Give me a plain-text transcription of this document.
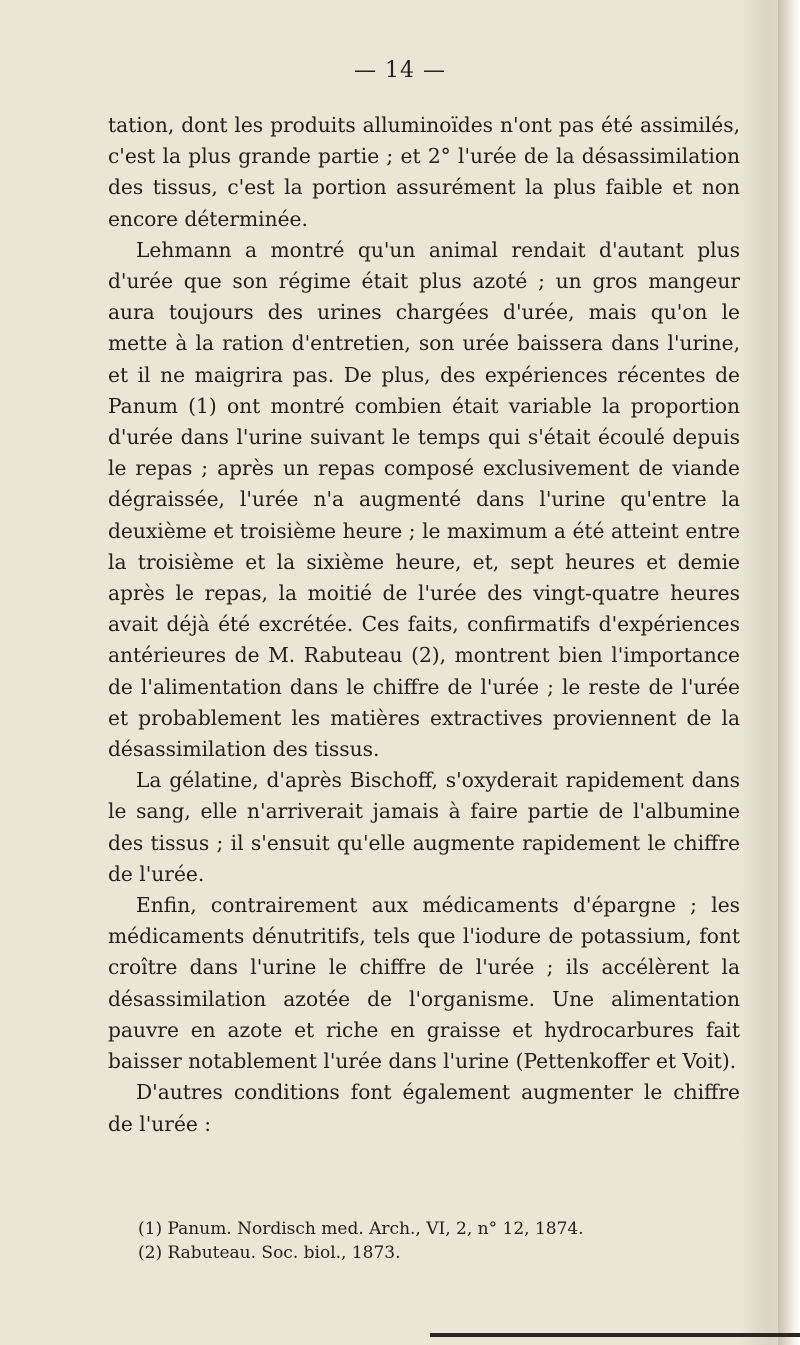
— 14 —

tation, dont les produits alluminoïdes n'ont pas été assimilés, c'est la plus grande partie ; et 2° l'urée de la désassimilation des tissus, c'est la portion assurément la plus faible et non encore déterminée.

Lehmann a montré qu'un animal rendait d'autant plus d'urée que son régime était plus azoté ; un gros mangeur aura toujours des urines chargées d'urée, mais qu'on le mette à la ration d'entretien, son urée baissera dans l'urine, et il ne maigrira pas. De plus, des expériences récentes de Panum (1) ont montré combien était variable la proportion d'urée dans l'urine suivant le temps qui s'était écoulé depuis le repas ; après un repas composé exclusivement de viande dégraissée, l'urée n'a augmenté dans l'urine qu'entre la deuxième et troisième heure ; le maximum a été atteint entre la troisième et la sixième heure, et, sept heures et demie après le repas, la moitié de l'urée des vingt-quatre heures avait déjà été excrétée. Ces faits, confirmatifs d'expériences antérieures de M. Rabuteau (2), montrent bien l'importance de l'alimentation dans le chiffre de l'urée ; le reste de l'urée et probablement les matières extractives proviennent de la désassimilation des tissus.

La gélatine, d'après Bischoff, s'oxyderait rapidement dans le sang, elle n'arriverait jamais à faire partie de l'albumine des tissus ; il s'ensuit qu'elle augmente rapidement le chiffre de l'urée.

Enfin, contrairement aux médicaments d'épargne ; les médicaments dénutritifs, tels que l'iodure de potassium, font croître dans l'urine le chiffre de l'urée ; ils accélèrent la désassimilation azotée de l'organisme. Une alimentation pauvre en azote et riche en graisse et hydrocarbures fait baisser notablement l'urée dans l'urine (Pettenkoffer et Voit).

D'autres conditions font également augmenter le chiffre de l'urée :

(1) Panum. Nordisch med. Arch., VI, 2, n° 12, 1874.
(2) Rabuteau. Soc. biol., 1873.
